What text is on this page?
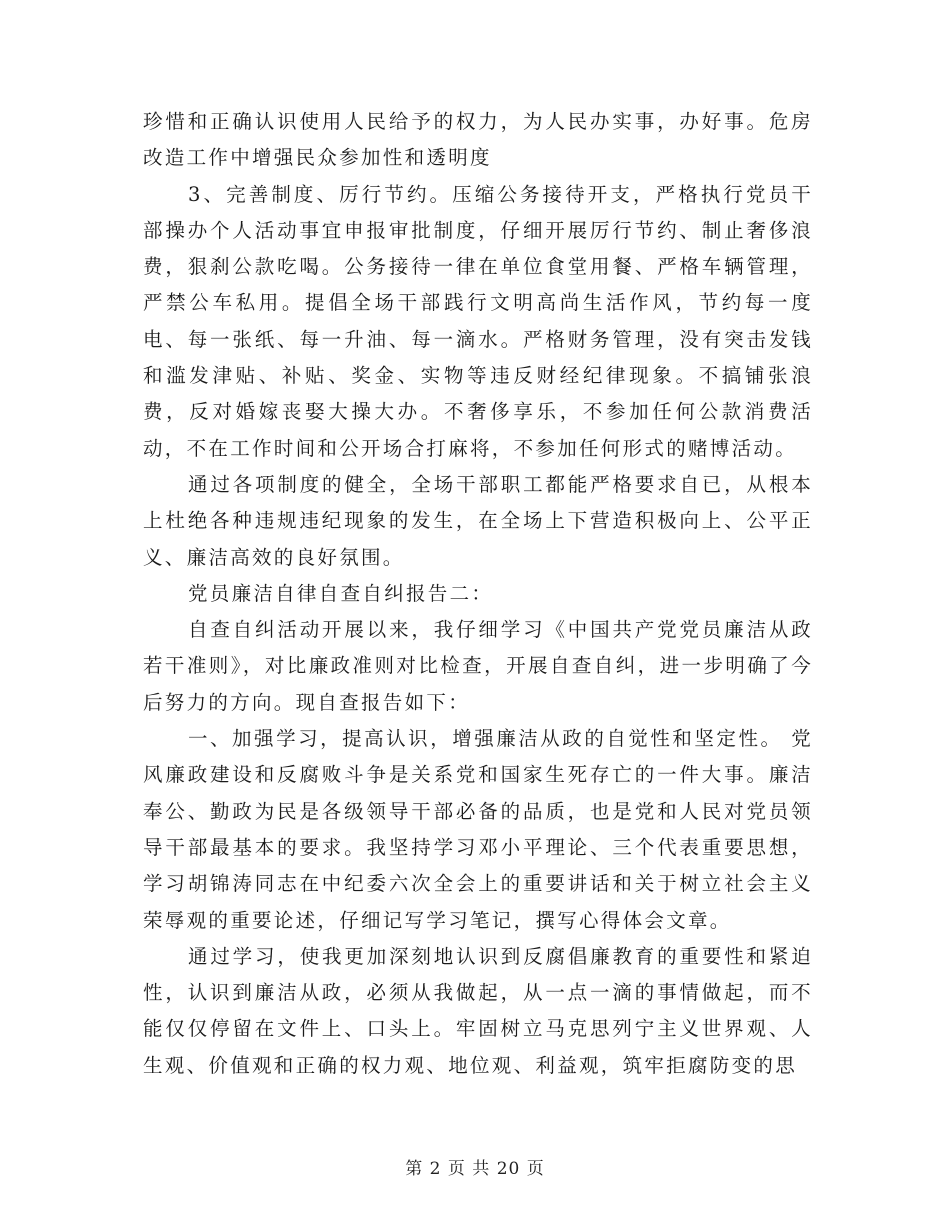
珍惜和正确认识使用人民给予的权力，为人民办实事，办好事。危房改造工作中增强民众参加性和透明度

3、完善制度、厉行节约。压缩公务接待开支，严格执行党员干部操办个人活动事宜申报审批制度，仔细开展厉行节约、制止奢侈浪费，狠刹公款吃喝。公务接待一律在单位食堂用餐、严格车辆管理，严禁公车私用。提倡全场干部践行文明高尚生活作风，节约每一度电、每一张纸、每一升油、每一滴水。严格财务管理，没有突击发钱和滥发津贴、补贴、奖金、实物等违反财经纪律现象。不搞铺张浪费，反对婚嫁丧娶大操大办。不奢侈享乐，不参加任何公款消费活动，不在工作时间和公开场合打麻将，不参加任何形式的赌博活动。

通过各项制度的健全，全场干部职工都能严格要求自已，从根本上杜绝各种违规违纪现象的发生，在全场上下营造积极向上、公平正义、廉洁高效的良好氛围。

党员廉洁自律自查自纠报告二：

自查自纠活动开展以来，我仔细学习《中国共产党党员廉洁从政若干准则》，对比廉政准则对比检查，开展自查自纠，进一步明确了今后努力的方向。现自查报告如下：

一、加强学习，提高认识，增强廉洁从政的自觉性和坚定性。 党风廉政建设和反腐败斗争是关系党和国家生死存亡的一件大事。廉洁奉公、勤政为民是各级领导干部必备的品质，也是党和人民对党员领导干部最基本的要求。我坚持学习邓小平理论、三个代表重要思想，学习胡锦涛同志在中纪委六次全会上的重要讲话和关于树立社会主义荣辱观的重要论述，仔细记写学习笔记，撰写心得体会文章。

通过学习，使我更加深刻地认识到反腐倡廉教育的重要性和紧迫性，认识到廉洁从政，必须从我做起，从一点一滴的事情做起，而不能仅仅停留在文件上、口头上。牢固树立马克思列宁主义世界观、人生观、价值观和正确的权力观、地位观、利益观，筑牢拒腐防变的思

第 2 页 共 20 页
